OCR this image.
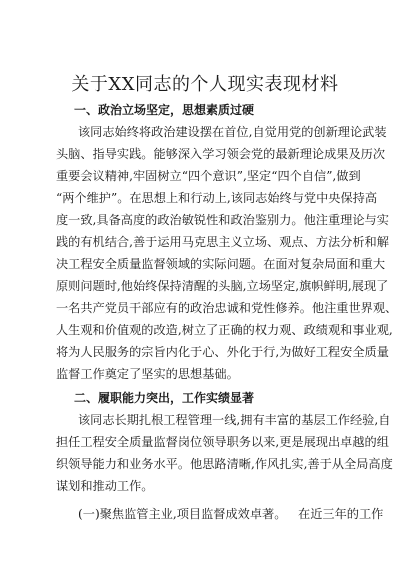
关于XX同志的个人现实表现材料
一、政治立场坚定，思想素质过硬
该同志始终将政治建设摆在首位,自觉用党的创新理论武装
头脑、指导实践。能够深入学习领会党的最新理论成果及历次
重要会议精神,牢固树立“四个意识”,坚定“四个自信”,做到
“两个维护”。在思想上和行动上,该同志始终与党中央保持高
度一致,具备高度的政治敏锐性和政治鉴别力。他注重理论与实
践的有机结合,善于运用马克思主义立场、观点、方法分析和解
决工程安全质量监督领域的实际问题。在面对复杂局面和重大
原则问题时,他始终保持清醒的头脑,立场坚定,旗帜鲜明,展现了
一名共产党员干部应有的政治忠诚和党性修养。他注重世界观、
人生观和价值观的改造,树立了正确的权力观、政绩观和事业观,
将为人民服务的宗旨内化于心、外化于行,为做好工程安全质量
监督工作奠定了坚实的思想基础。
二、履职能力突出，工作实绩显著
该同志长期扎根工程管理一线,拥有丰富的基层工作经验,自
担任工程安全质量监督岗位领导职务以来,更是展现出卓越的组
织领导能力和业务水平。他思路清晰,作风扎实,善于从全局高度
谋划和推动工作。
(一)聚焦监管主业,项目监督成效卓著。   在近三年的工作
